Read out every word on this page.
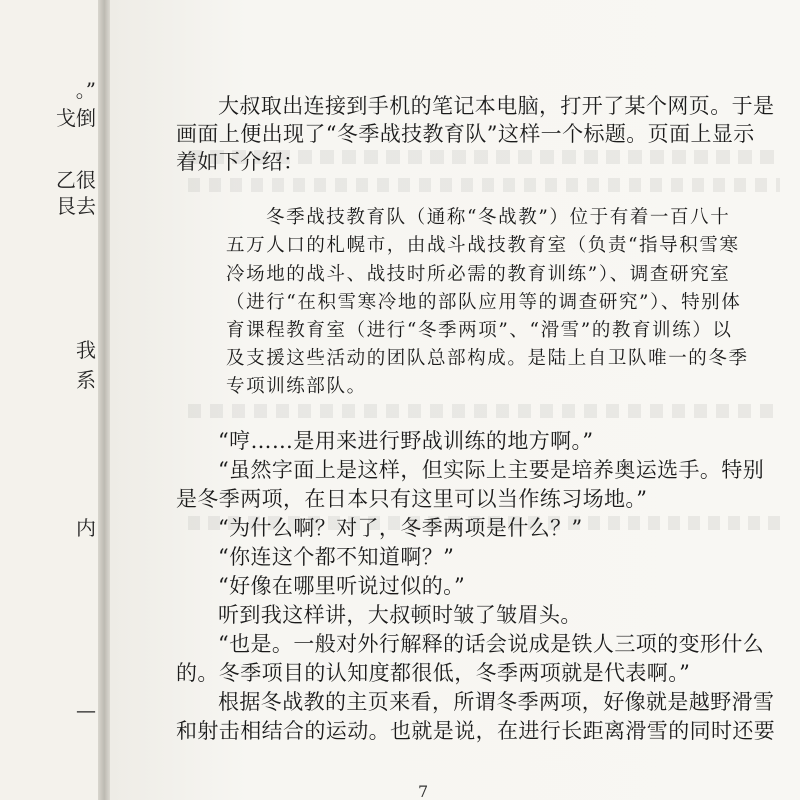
。”
戈倒
乙很
艮去
我
系
内
—
大叔取出连接到手机的笔记本电脑，打开了某个网页。于是
画面上便出现了“冬季战技教育队”这样一个标题。页面上显示
着如下介绍：
冬季战技教育队（通称“冬战教”）位于有着一百八十
五万人口的札幌市，由战斗战技教育室（负责“指导积雪寒
冷场地的战斗、战技时所必需的教育训练”）、调查研究室
（进行“在积雪寒冷地的部队应用等的调查研究”）、特别体
育课程教育室（进行“冬季两项”、“滑雪”的教育训练）以
及支援这些活动的团队总部构成。是陆上自卫队唯一的冬季
专项训练部队。
“哼……是用来进行野战训练的地方啊。”
“虽然字面上是这样，但实际上主要是培养奥运选手。特别
是冬季两项，在日本只有这里可以当作练习场地。”
“为什么啊？对了，冬季两项是什么？”
“你连这个都不知道啊？”
“好像在哪里听说过似的。”
听到我这样讲，大叔顿时皱了皱眉头。
“也是。一般对外行解释的话会说成是铁人三项的变形什么
的。冬季项目的认知度都很低，冬季两项就是代表啊。”
根据冬战教的主页来看，所谓冬季两项，好像就是越野滑雪
和射击相结合的运动。也就是说，在进行长距离滑雪的同时还要
7
